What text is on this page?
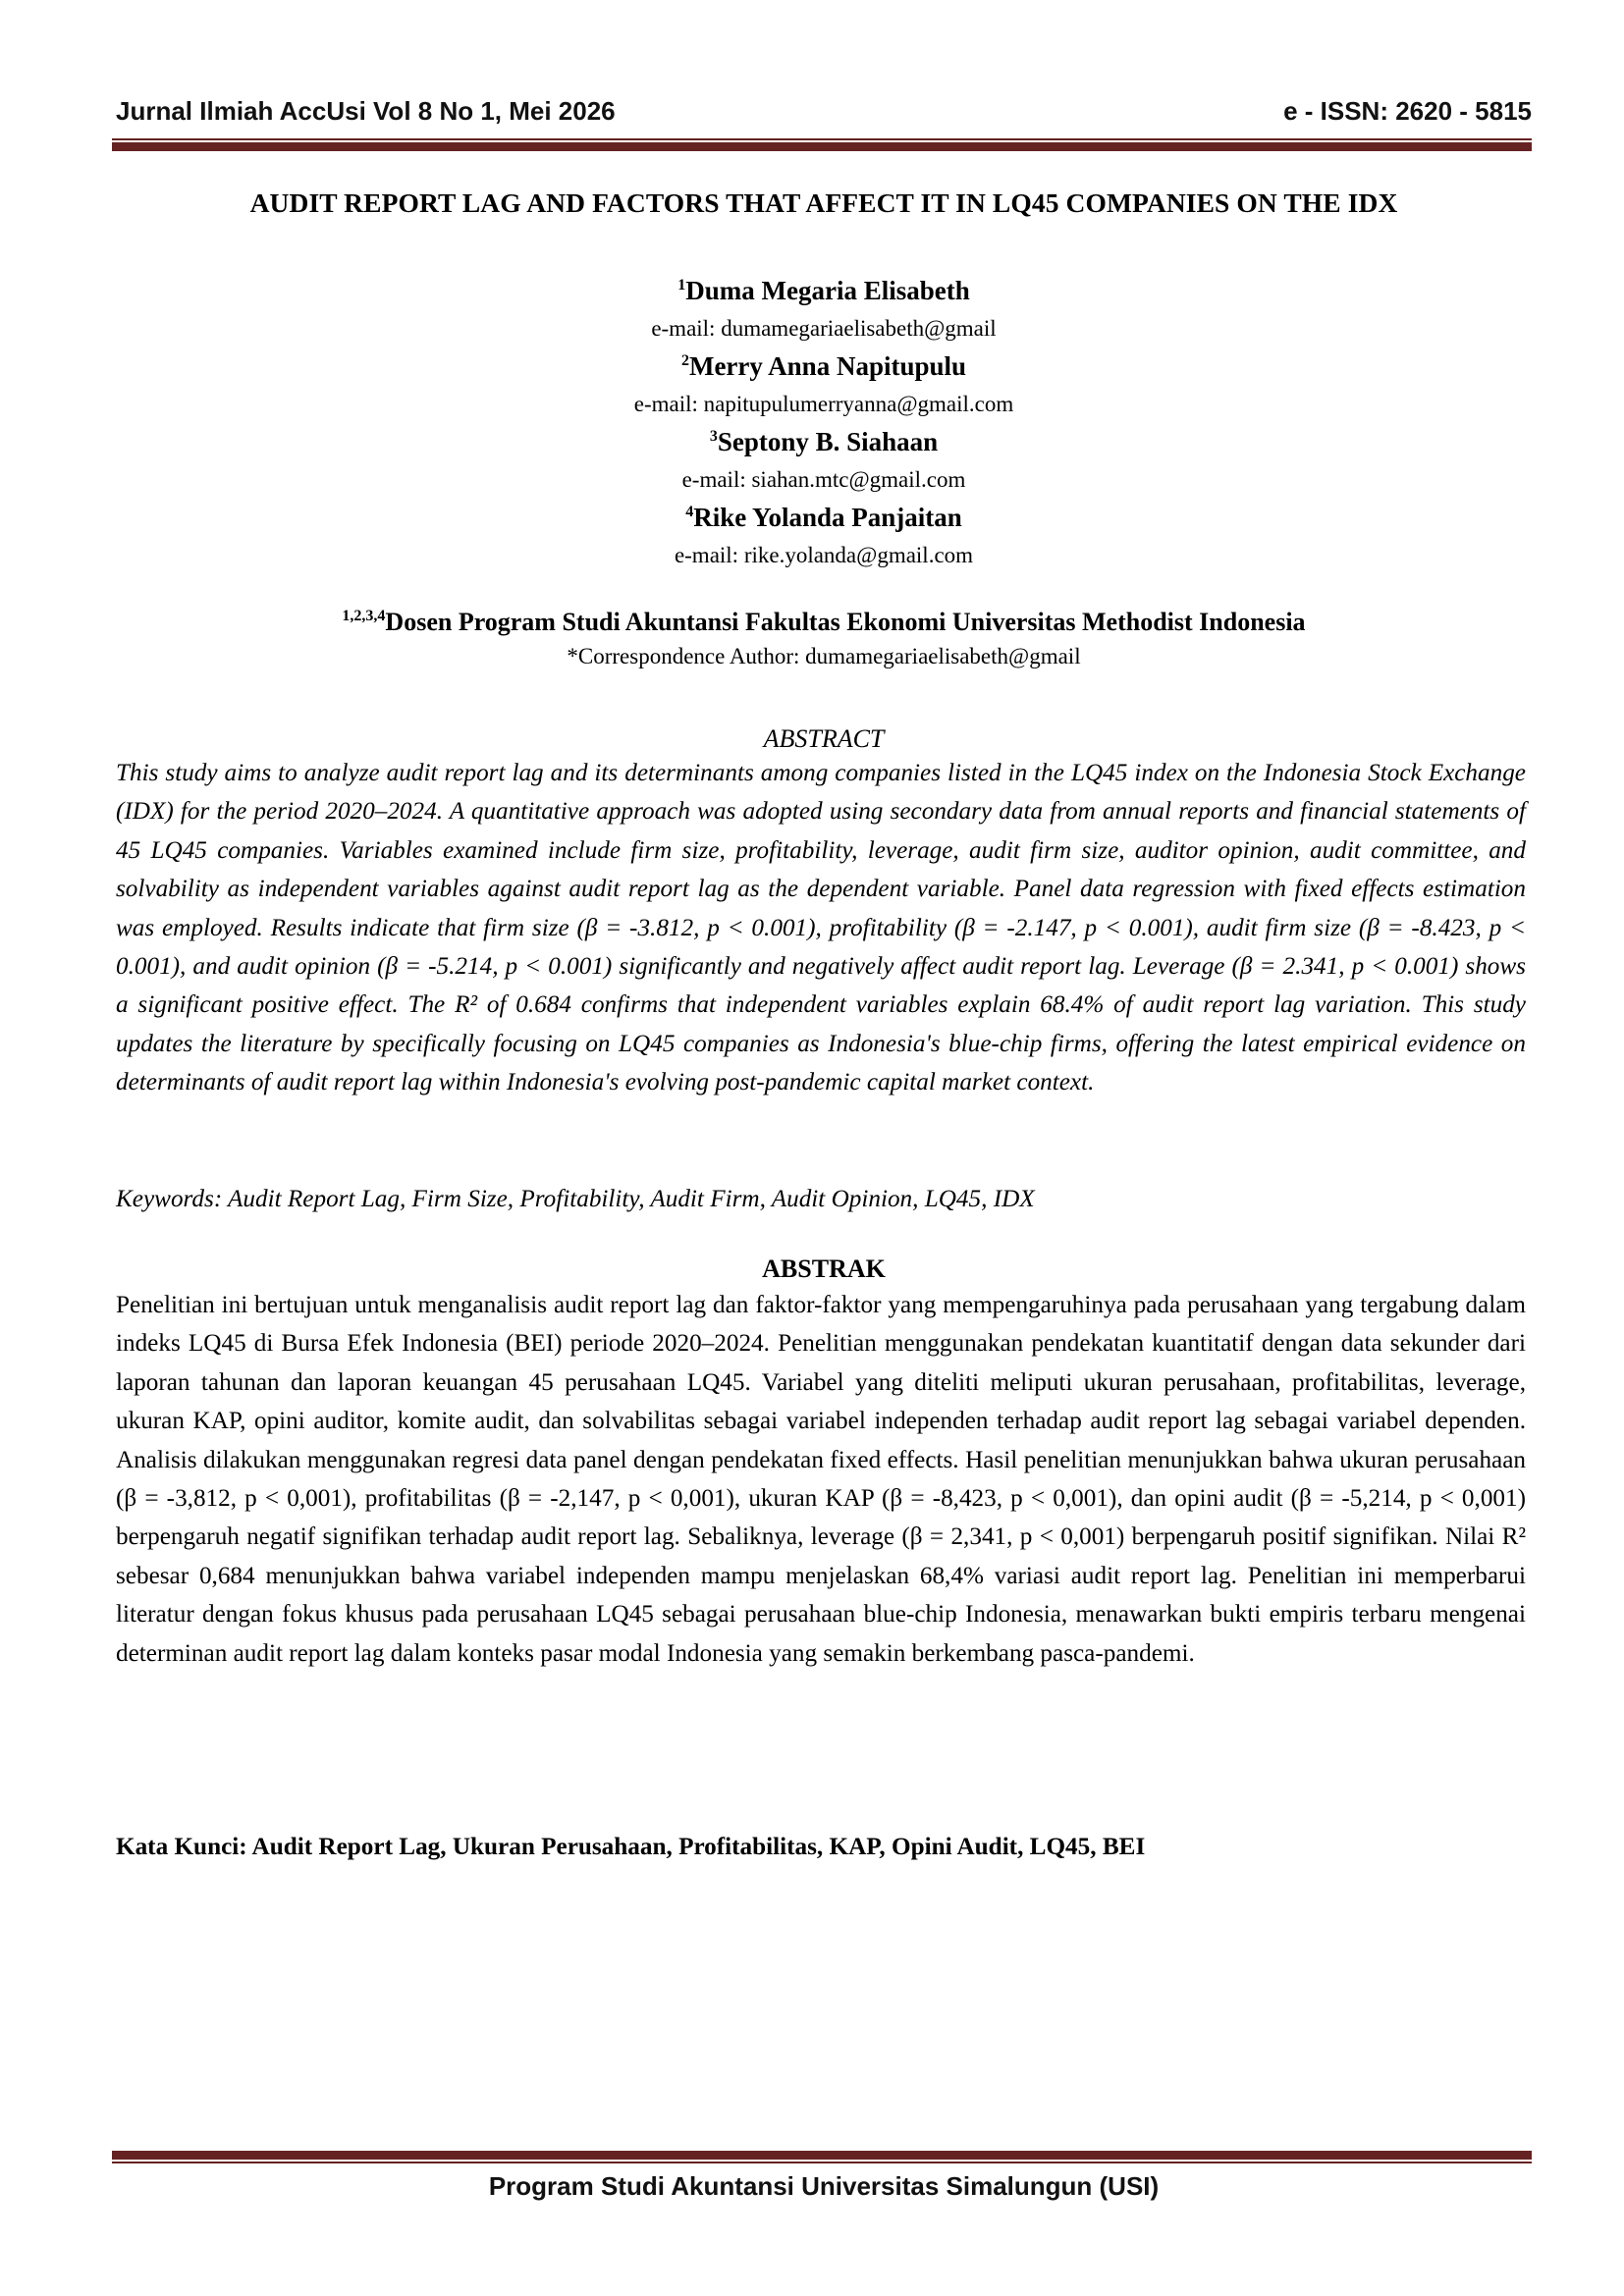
Jurnal Ilmiah AccUsi Vol 8 No 1, Mei 2026	e - ISSN: 2620 - 5815
AUDIT REPORT LAG AND FACTORS THAT AFFECT IT IN LQ45 COMPANIES ON THE IDX
$^1$Duma Megaria Elisabeth
e-mail: dumamegariaelisabeth@gmail
$^2$Merry Anna Napitupulu
e-mail: napitupulumerryanna@gmail.com
$^3$Septony B. Siahaan
e-mail: siahan.mtc@gmail.com
$^4$Rike Yolanda Panjaitan
e-mail: rike.yolanda@gmail.com
$^{1,2,3,4}$Dosen Program Studi Akuntansi Fakultas Ekonomi Universitas Methodist Indonesia
*Correspondence Author: dumamegariaelisabeth@gmail
ABSTRACT

This study aims to analyze audit report lag and its determinants among companies listed in the LQ45 index on the Indonesia Stock Exchange (IDX) for the period 2020–2024. A quantitative approach was adopted using secondary data from annual reports and financial statements of 45 LQ45 companies. Variables examined include firm size, profitability, leverage, audit firm size, auditor opinion, audit committee, and solvability as independent variables against audit report lag as the dependent variable. Panel data regression with fixed effects estimation was employed. Results indicate that firm size (β = -3.812, p < 0.001), profitability (β = -2.147, p < 0.001), audit firm size (β = -8.423, p < 0.001), and audit opinion (β = -5.214, p < 0.001) significantly and negatively affect audit report lag. Leverage (β = 2.341, p < 0.001) shows a significant positive effect. The R² of 0.684 confirms that independent variables explain 68.4% of audit report lag variation. This study updates the literature by specifically focusing on LQ45 companies as Indonesia's blue-chip firms, offering the latest empirical evidence on determinants of audit report lag within Indonesia's evolving post-pandemic capital market context.

Keywords: Audit Report Lag, Firm Size, Profitability, Audit Firm, Audit Opinion, LQ45, IDX
ABSTRAK

Penelitian ini bertujuan untuk menganalisis audit report lag dan faktor-faktor yang mempengaruhinya pada perusahaan yang tergabung dalam indeks LQ45 di Bursa Efek Indonesia (BEI) periode 2020–2024. Penelitian menggunakan pendekatan kuantitatif dengan data sekunder dari laporan tahunan dan laporan keuangan 45 perusahaan LQ45. Variabel yang diteliti meliputi ukuran perusahaan, profitabilitas, leverage, ukuran KAP, opini auditor, komite audit, dan solvabilitas sebagai variabel independen terhadap audit report lag sebagai variabel dependen. Analisis dilakukan menggunakan regresi data panel dengan pendekatan fixed effects. Hasil penelitian menunjukkan bahwa ukuran perusahaan (β = -3,812, p < 0,001), profitabilitas (β = -2,147, p < 0,001), ukuran KAP (β = -8,423, p < 0,001), dan opini audit (β = -5,214, p < 0,001) berpengaruh negatif signifikan terhadap audit report lag. Sebaliknya, leverage (β = 2,341, p < 0,001) berpengaruh positif signifikan. Nilai R² sebesar 0,684 menunjukkan bahwa variabel independen mampu menjelaskan 68,4% variasi audit report lag. Penelitian ini memperbarui literatur dengan fokus khusus pada perusahaan LQ45 sebagai perusahaan blue-chip Indonesia, menawarkan bukti empiris terbaru mengenai determinan audit report lag dalam konteks pasar modal Indonesia yang semakin berkembang pasca-pandemi.

Kata Kunci: Audit Report Lag, Ukuran Perusahaan, Profitabilitas, KAP, Opini Audit, LQ45, BEI
Program Studi Akuntansi Universitas Simalungun (USI)
